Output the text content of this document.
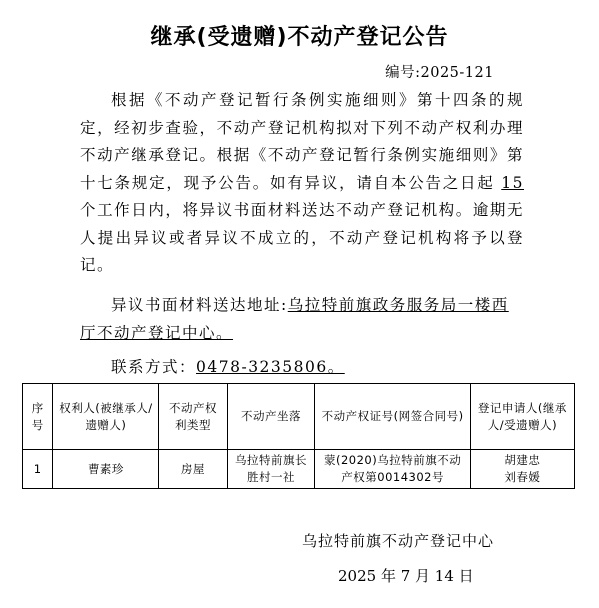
继承(受遗赠)不动产登记公告
编号:2025-121
根据《不动产登记暂行条例实施细则》第十四条的规定，经初步查验，不动产登记机构拟对下列不动产权利办理不动产继承登记。根据《不动产登记暂行条例实施细则》第十七条规定，现予公告。如有异议，请自本公告之日起 15 个工作日内，将异议书面材料送达不动产登记机构。逾期无人提出异议或者异议不成立的，不动产登记机构将予以登记。
异议书面材料送达地址:乌拉特前旗政务服务局一楼西厅不动产登记中心。
联系方式：0478-3235806。
序号	权利人(被继承人/遗赠人)	不动产权利类型	不动产坐落	不动产权证号(网签合同号)	登记申请人(继承人/受遗赠人)
1	曹素珍	房屋	乌拉特前旗长胜村一社	蒙(2020)乌拉特前旗不动产权第0014302号	胡建忠
刘春媛
乌拉特前旗不动产登记中心
2025 年 7 月 14 日
